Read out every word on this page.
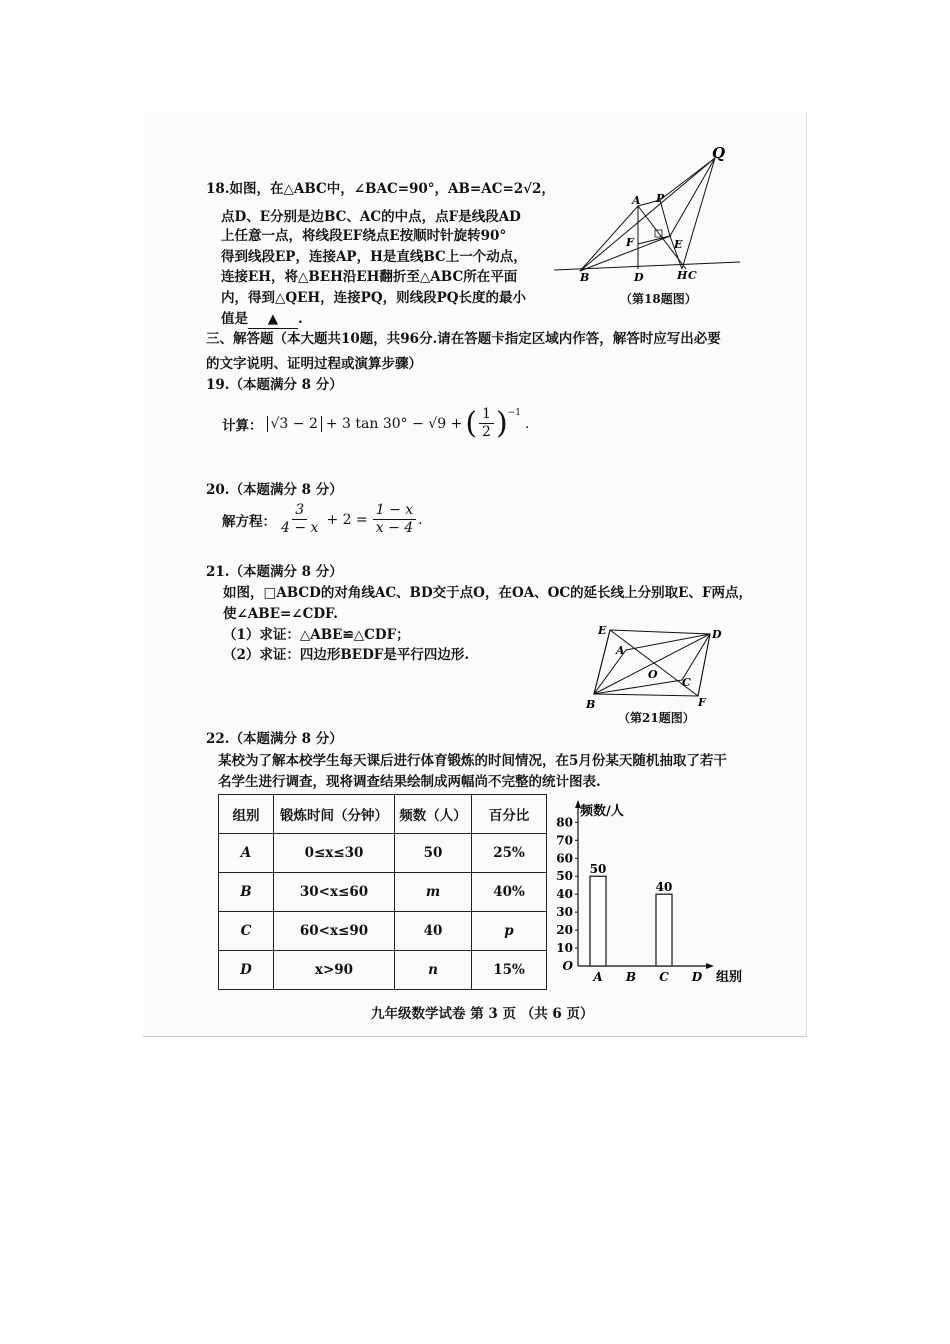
18.如图，在△ABC中，∠BAC=90°，AB=AC=2√2，
点D、E分别是边BC、AC的中点，点F是线段AD
上任意一点，将线段EF绕点E按顺时针旋转90°
得到线段EP，连接AP，H是直线BC上一个动点，
连接EH，将△BEH沿EH翻折至△ABC所在平面
内，得到△QEH，连接PQ，则线段PQ长度的最小
值是 ▲ .
Q
A P
F	E
B	D	H C
（第18题图）
三、解答题（本大题共10题，共96分.请在答题卡指定区域内作答，解答时应写出必要
的文字说明、证明过程或演算步骤）
19.（本题满分 8 分）
计算： √3 − 2 + 3 tan 30° − √9 + ( $\frac{1}{2} )^{-1}$
.
20.（本题满分 8 分）
解方程： $\frac{3}{4 - x} + 2 = \frac{1 - x}{x - 4}$ .
21.（本题满分 8 分）
如图，□ABCD的对角线AC、BD交于点O，在OA、OC的延长线上分别取E、F两点，
使∠ABE=∠CDF.
（1）求证：△ABE≌△CDF；
（2）求证：四边形BEDF是平行四边形.
E	D
A
O
C
B	F
（第21题图）
22.（本题满分 8 分）
某校为了解本校学生每天课后进行体育锻炼的时间情况，在5月份某天随机抽取了若干
名学生进行调查，现将调查结果绘制成两幅尚不完整的统计图表.
组别	锻炼时间（分钟）	频数（人）	百分比
A	0≤x≤30	50	25%
B	30<x≤60	m	40%
C	60<x≤90	40	p
D	x>90	n	15%	O
10
20
30
40
50
60
70
80
频数/人
A
50
B C
40
D 组别
九年级数学试卷 第 3 页 （共 6 页）
